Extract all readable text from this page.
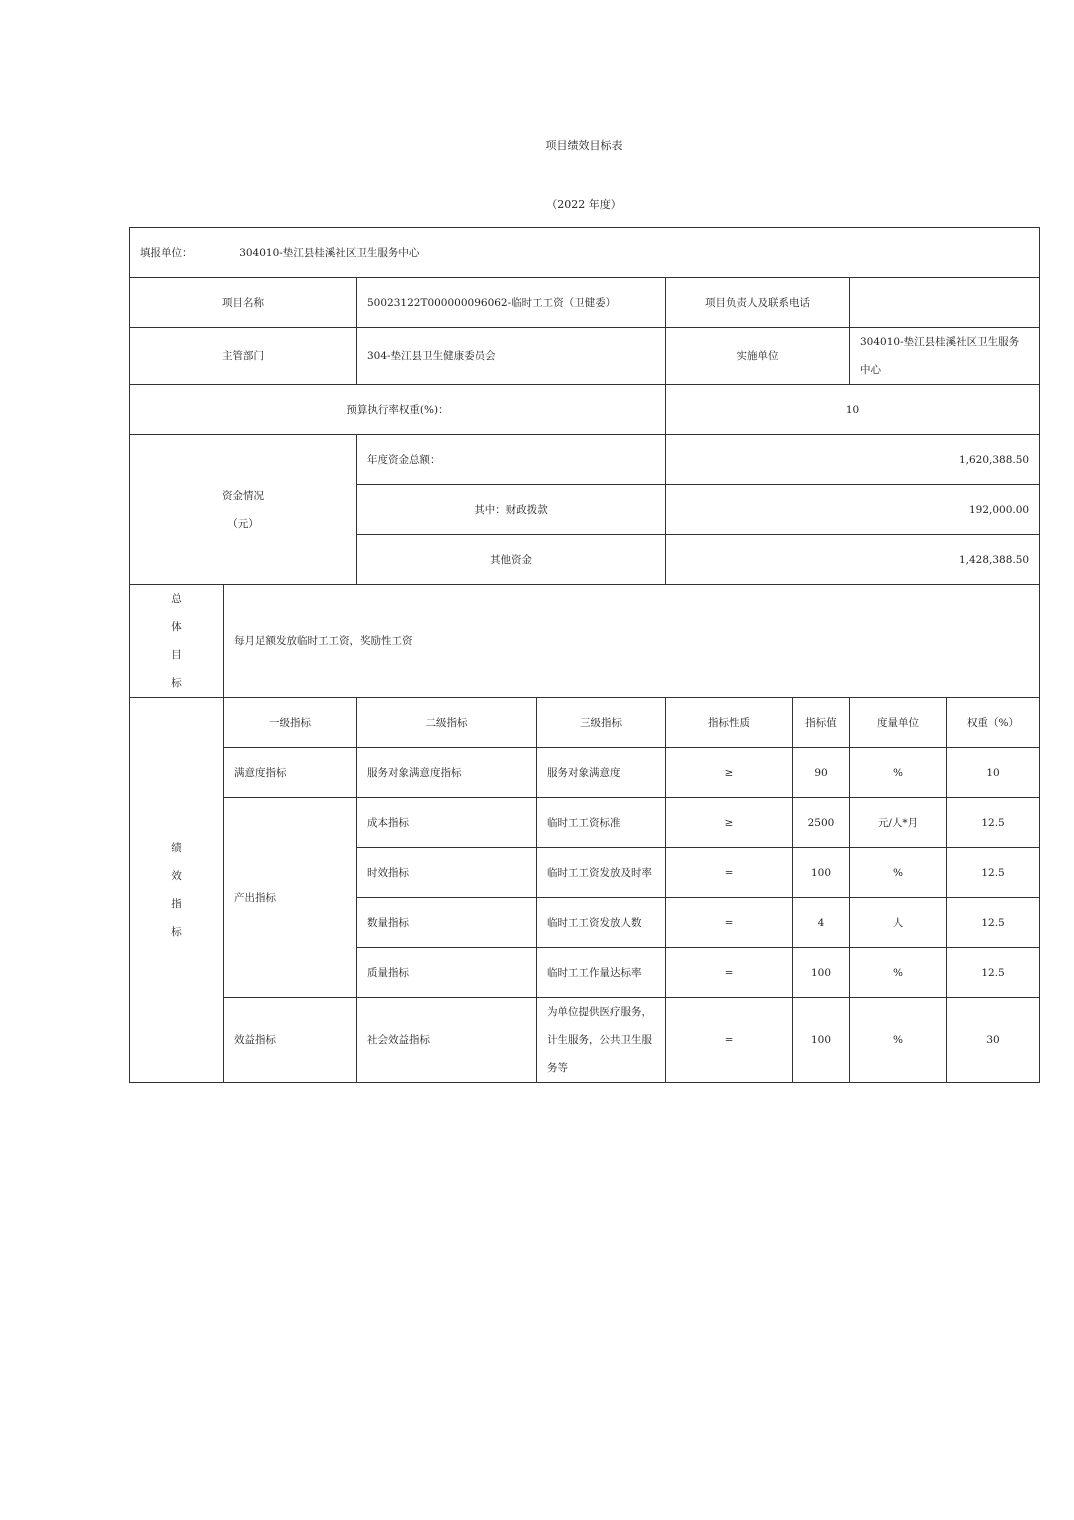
项目绩效目标表
（2022 年度）
填报单位： 304010-垫江县桂溪社区卫生服务中心							
项目名称		50023122T000000096062-临时工工资（卫健委）		项目负责人及联系电话			
主管部门		304-垫江县卫生健康委员会		实施单位		304010-垫江县桂溪社区卫生服务中心	
预算执行率权重(%)：				10			

资金情况
（元）		年度资金总额：		1,620,388.50			
		其中：财政拨款		192,000.00			
		其他资金		1,428,388.50			

总
体
目
标	每月足额发放临时工工资，奖励性工资						

绩
效
指
标	一级指标	二级指标	三级指标	指标性质	指标值	度量单位	权重（%）
	满意度指标	服务对象满意度指标	服务对象满意度	≥	90	%	10
	产出指标	成本指标	临时工工资标准	≥	2500	元/人*月	12.5
		时效指标	临时工工资发放及时率	=	100	%	12.5
		数量指标	临时工工资发放人数	=	4	人	12.5
		质量指标	临时工工作量达标率	=	100	%	12.5
	效益指标	社会效益指标	为单位提供医疗服务，计生服务，公共卫生服务等	=	100	%	30
